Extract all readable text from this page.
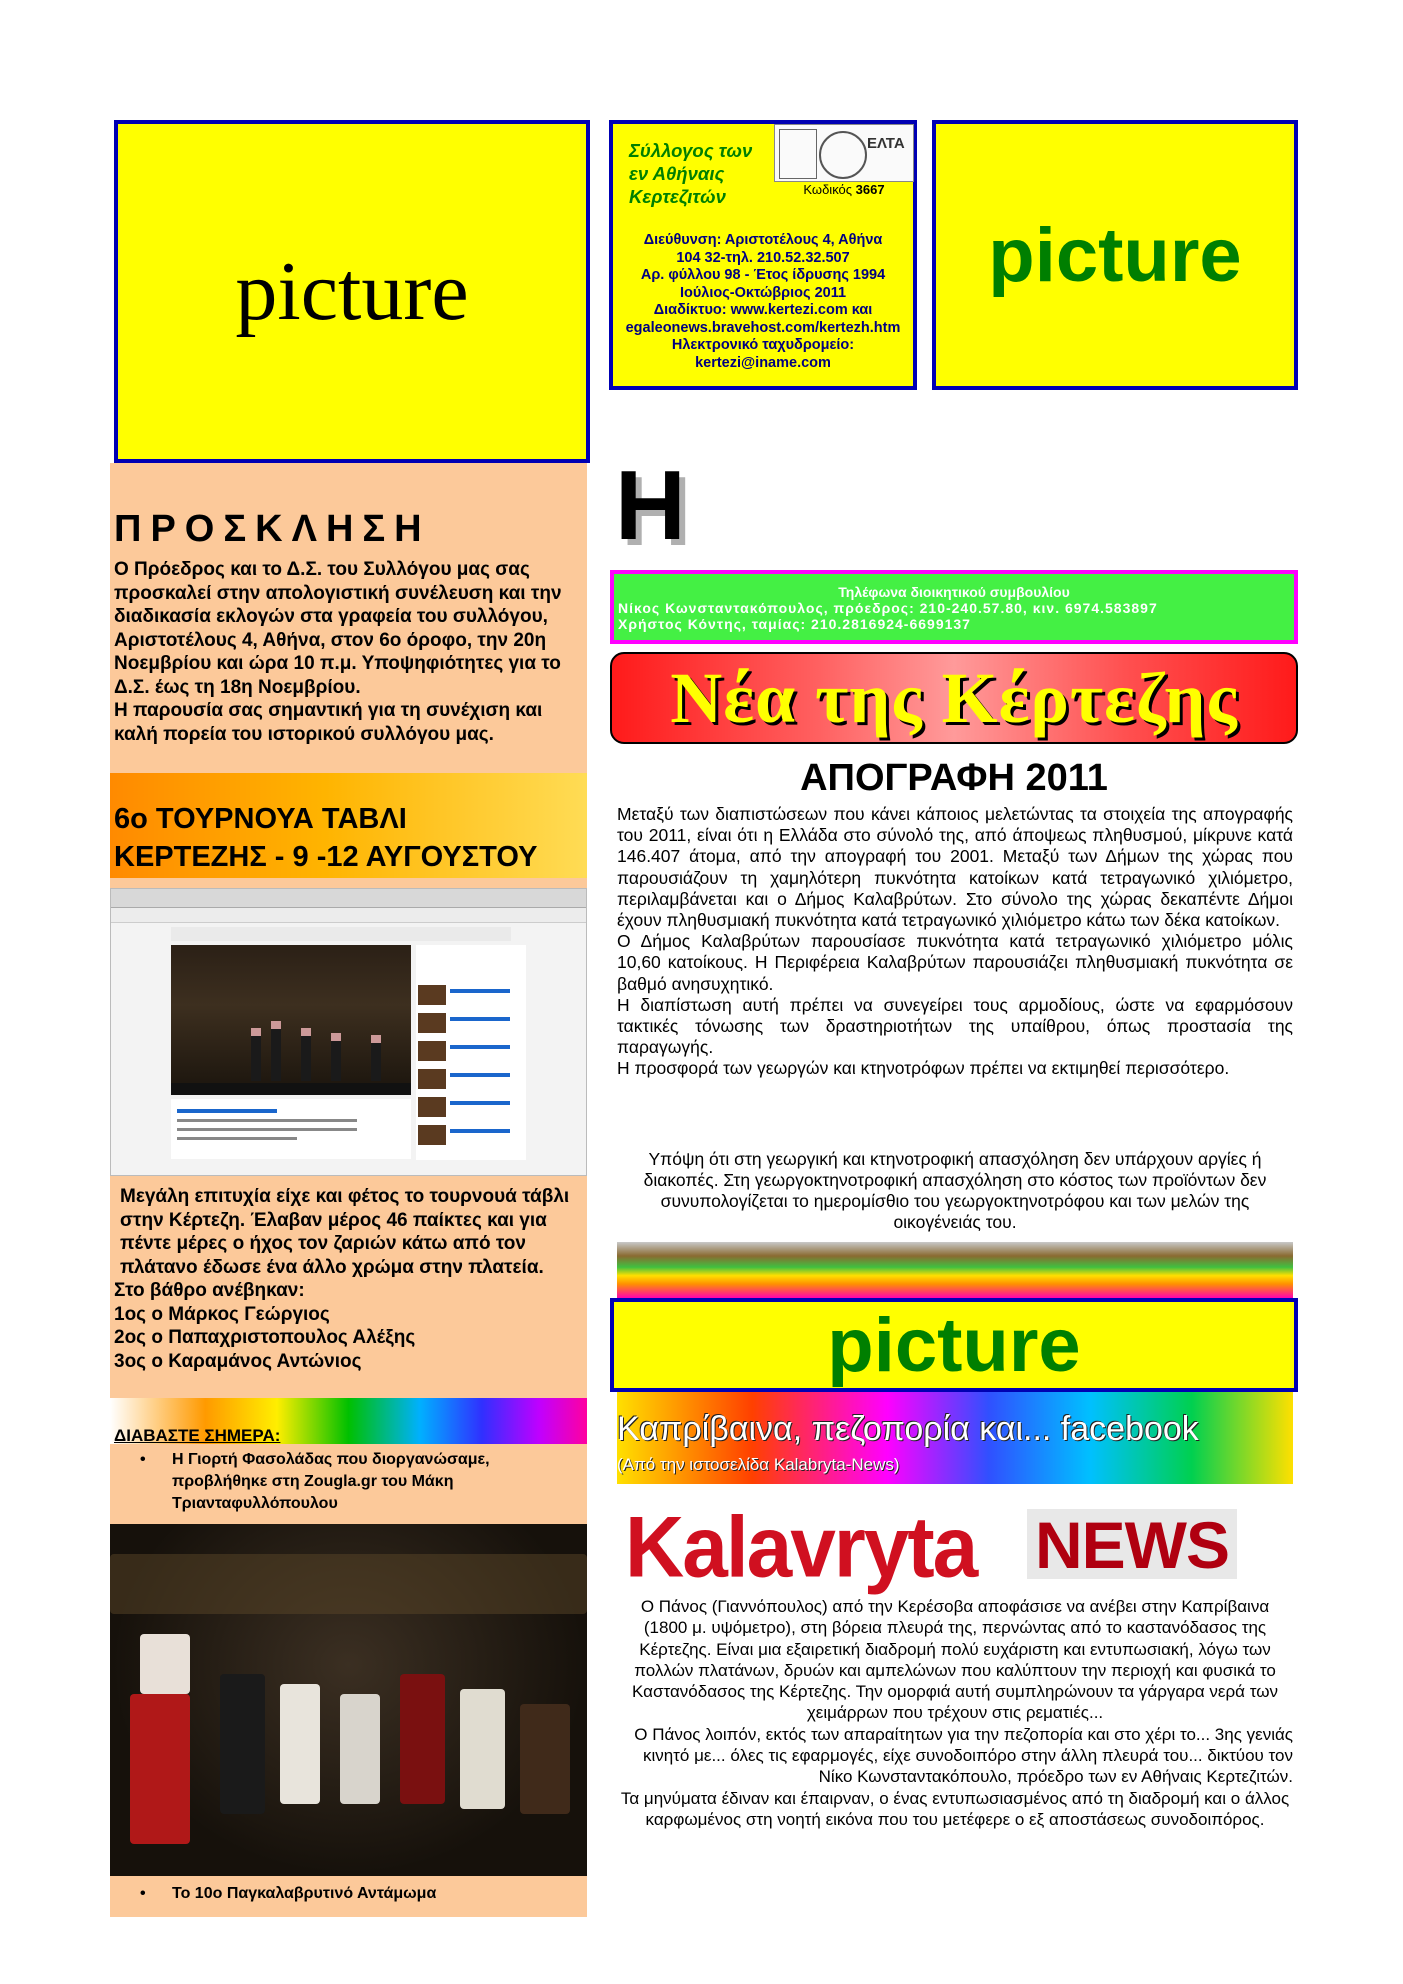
picture
ΠΡΟΣΚΛΗΣΗ
Ο Πρόεδρος και το Δ.Σ. του Συλλόγου μας σας προσκαλεί στην απολογιστική συνέλευση και την διαδικασία εκλογών στα γραφεία του συλλόγου, Αριστοτέλους 4, Αθήνα, στον 6ο όροφο, την 20η Νοεμβρίου και ώρα 10 π.μ. Υποψηφιότητες για το Δ.Σ. έως τη 18η Νοεμβρίου.
Η παρουσία σας σημαντική για τη συνέχιση και καλή πορεία του ιστορικού συλλόγου μας.
6ο ΤΟΥΡΝΟΥΑ ΤΑΒΛΙ
ΚΕΡΤΕΖΗΣ - 9 -12 ΑΥΓΟΥΣΤΟΥ
Μεγάλη επιτυχία είχε και φέτος το τουρνουά τάβλι στην Κέρτεζη. Έλαβαν μέρος 46 παίκτες και για πέντε μέρες ο ήχος τον ζαριών κάτω από τον πλάτανο έδωσε ένα άλλο χρώμα στην πλατεία.
Στο βάθρο ανέβηκαν:
1ος ο Μάρκος Γεώργιος
2ος ο Παπαχριστοπουλος Αλέξης
3ος ο Καραμάνος Αντώνιος
ΔΙΑΒΑΣΤΕ ΣΗΜΕΡΑ:
• Η Γιορτή Φασολάδας που διοργανώσαμε, προβλήθηκε στη Zougla.gr του Μάκη Τριανταφυλλόπουλου
• Το 10ο Παγκαλαβρυτινό Αντάμωμα
Σύλλογος των εν Αθήναις Κερτεζιτών
ΕΛΤΑ
Κωδικός 3667
Διεύθυνση: Αριστοτέλους 4, Αθήνα
104 32-τηλ. 210.52.32.507
Αρ. φύλλου 98 - Έτος ίδρυσης 1994
Ιούλιος-Οκτώβριος 2011
Διαδίκτυο: www.kertezi.com και
egaleonews.bravehost.com/kertezh.htm
Ηλεκτρονικό ταχυδρομείο:
kertezi@iname.com
picture
Η
Τηλέφωνα διοικητικού συμβουλίου
Νίκος Κωνσταντακόπουλος, πρόεδρος: 210-240.57.80, κιν. 6974.583897
Χρήστος Κόντης, ταμίας: 210.2816924-6699137
Νέα της Κέρτεζης
ΑΠΟΓΡΑΦΗ 2011

Μεταξύ των διαπιστώσεων που κάνει κάποιος μελετώντας τα στοιχεία της απογραφής του 2011, είναι ότι η Ελλάδα στο σύνολό της, από άποψεως πληθυσμού, μίκρυνε κατά 146.407 άτομα, από την απογραφή του 2001. Μεταξύ των Δήμων της χώρας που παρουσιάζουν τη χαμηλότερη πυκνότητα κατοίκων κατά τετραγωνικό χιλιόμετρο, περιλαμβάνεται και ο Δήμος Καλαβρύτων. Στο σύνολο της χώρας δεκαπέντε Δήμοι έχουν πληθυσμιακή πυκνότητα κατά τετραγωνικό χιλιόμετρο κάτω των δέκα κατοίκων.

Ο Δήμος Καλαβρύτων παρουσίασε πυκνότητα κατά τετραγωνικό χιλιόμετρο μόλις 10,60 κατοίκους. Η Περιφέρεια Καλαβρύτων παρουσιάζει πληθυσμιακή πυκνότητα σε βαθμό ανησυχητικό.

Η διαπίστωση αυτή πρέπει να συνεγείρει τους αρμοδίους, ώστε να εφαρμόσουν τακτικές τόνωσης των δραστηριοτήτων της υπαίθρου, όπως προστασία της παραγωγής.

Η προσφορά των γεωργών και κτηνοτρόφων πρέπει να εκτιμηθεί περισσότερο.

Υπόψη ότι στη γεωργική και κτηνοτροφική απασχόληση δεν υπάρχουν αργίες ή διακοπές. Στη γεωργοκτηνοτροφική απασχόληση στο κόστος των προϊόντων δεν συνυπολογίζεται το ημερομίσθιο του γεωργοκτηνοτρόφου και των μελών της οικογένειάς του.

picture
Καπρίβαινα, πεζοπορία και... facebook
(Από την ιστοσελίδα Kalabryta-News)
Kalavryta NEWS

Ο Πάνος (Γιαννόπουλος) από την Κερέσοβα αποφάσισε να ανέβει στην Καπρίβαινα (1800 μ. υψόμετρο), στη βόρεια πλευρά της, περνώντας από το καστανόδασος της Κέρτεζης. Είναι μια εξαιρετική διαδρομή πολύ ευχάριστη και εντυπωσιακή, λόγω των πολλών πλατάνων, δρυών και αμπελώνων που καλύπτουν την περιοχή και φυσικά το Καστανόδασος της Κέρτεζης. Την ομορφιά αυτή συμπληρώνουν τα γάργαρα νερά των χειμάρρων που τρέχουν στις ρεματιές...

Ο Πάνος λοιπόν, εκτός των απαραίτητων για την πεζοπορία και στο χέρι το... 3ης γενιάς κινητό με... όλες τις εφαρμογές, είχε συνοδοιπόρο στην άλλη πλευρά του... δικτύου τον Νίκο Κωνσταντακόπουλο, πρόεδρο των εν Αθήναις Κερτεζιτών.

Τα μηνύματα έδιναν και έπαιρναν, ο ένας εντυπωσιασμένος από τη διαδρομή και ο άλλος καρφωμένος στη νοητή εικόνα που του μετέφερε ο εξ αποστάσεως συνοδοιπόρος.
